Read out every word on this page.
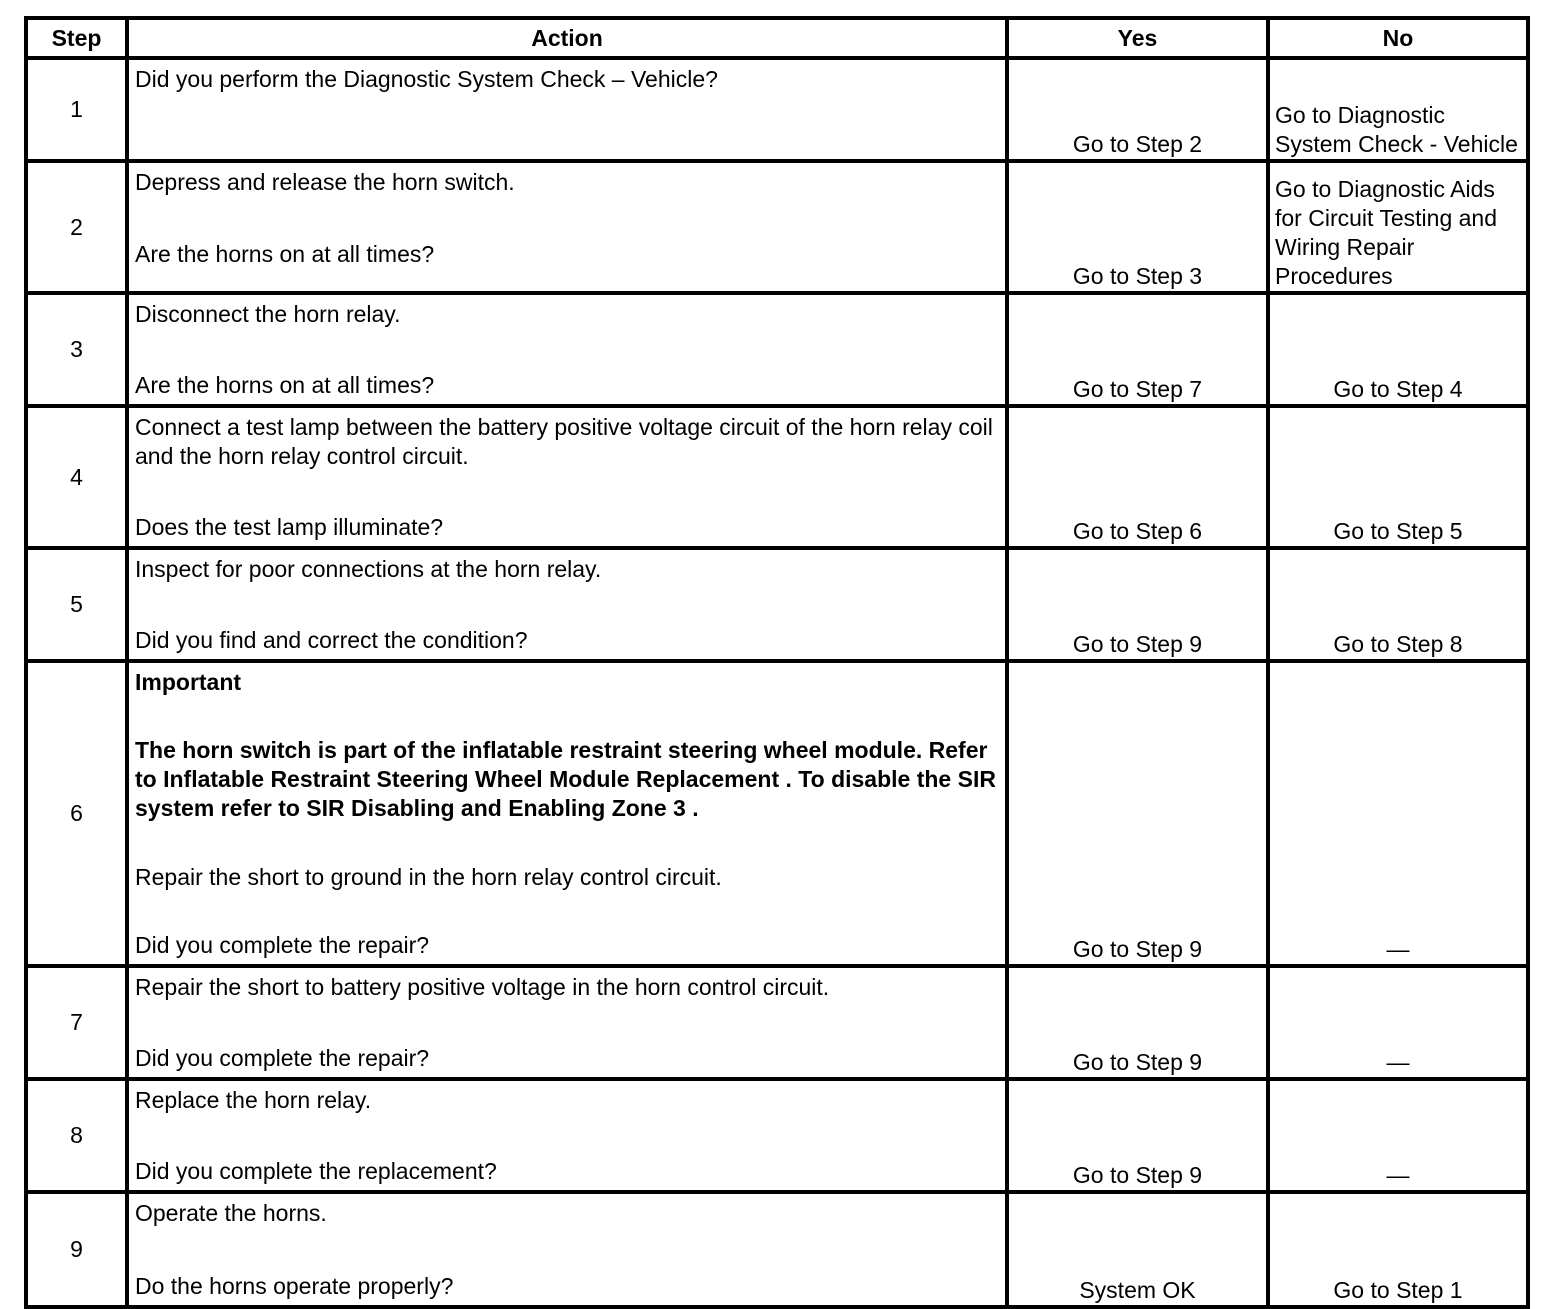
Step	Action	Yes	No
1	Did you perform the Diagnostic System Check – Vehicle?	Go to Step 2	Go to Diagnostic System Check - Vehicle
2	Depress and release the horn switch.

Are the horns on at all times?	Go to Step 3	Go to Diagnostic Aids for Circuit Testing and Wiring Repair Procedures
3	Disconnect the horn relay.

Are the horns on at all times?	Go to Step 7	Go to Step 4
4	Connect a test lamp between the battery positive voltage circuit of the horn relay coil and the horn relay control circuit.

Does the test lamp illuminate?	Go to Step 6	Go to Step 5
5	Inspect for poor connections at the horn relay.

Did you find and correct the condition?	Go to Step 9	Go to Step 8
6	Important

The horn switch is part of the inflatable restraint steering wheel module. Refer to Inflatable Restraint Steering Wheel Module Replacement . To disable the SIR system refer to SIR Disabling and Enabling Zone 3 .

Repair the short to ground in the horn relay control circuit.

Did you complete the repair?	Go to Step 9	—
7	Repair the short to battery positive voltage in the horn control circuit.

Did you complete the repair?	Go to Step 9	—
8	Replace the horn relay.

Did you complete the replacement?	Go to Step 9	—
9	Operate the horns.

Do the horns operate properly?	System OK	Go to Step 1
